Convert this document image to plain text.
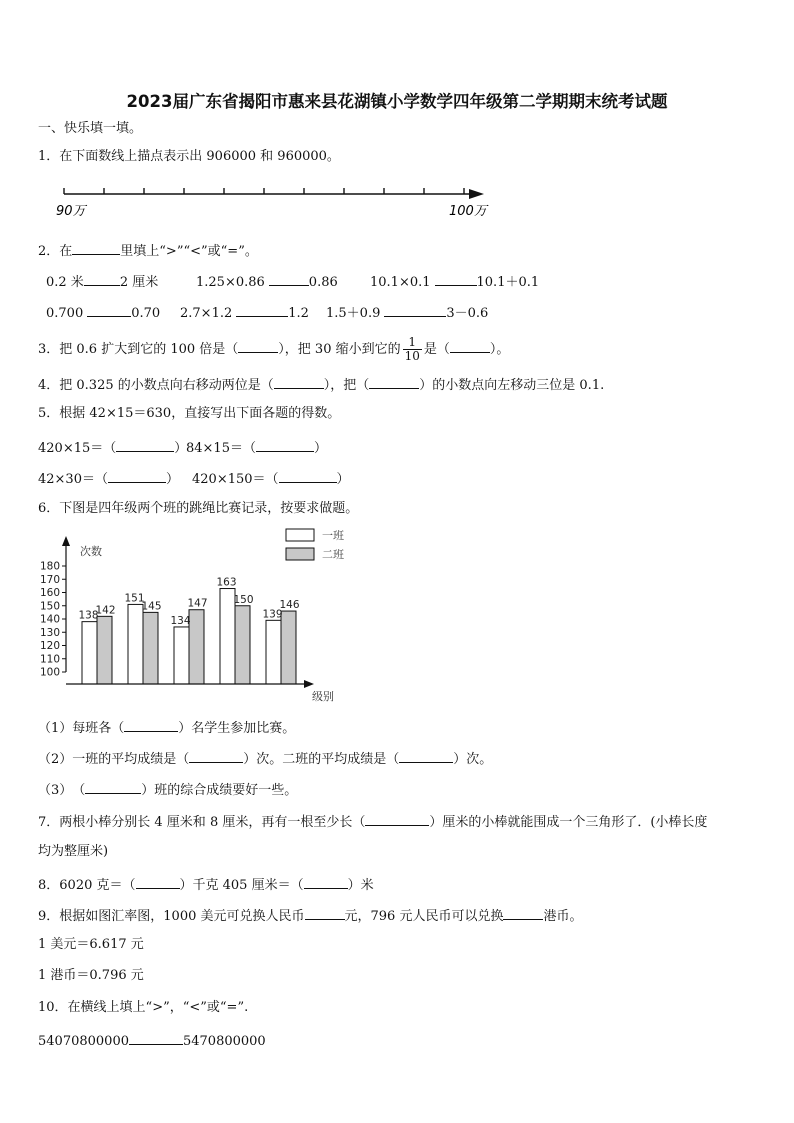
2023届广东省揭阳市惠来县花湖镇小学数学四年级第二学期期末统考试题
一、快乐填一填。
1．在下面数线上描点表示出 906000 和 960000。
90万	100万
2．在	里填上“>”“<”或“=”。
0.2 米	2 厘米	1.25×0.86	0.86 10.1×0.1	10.1＋0.1
0.700	0.70 2.7×1.2	1.2 1.5＋0.9	3－0.6
3．把 0.6 扩大到它的 100 倍是（	），把 30 缩小到它的 $\frac{1}{10}$ 是（	）。
4．把 0.325 的小数点向右移动两位是（	），把（	）的小数点向左移动三位是 0.1.
5．根据 42×15＝630，直接写出下面各题的得数。
420×15＝（	）
84×15＝（	）
42×30＝（	） 420×150＝（	）
6．下图是四年级两个班的跳绳比赛记录，按要求做题。
100
110
120
130
140
150
160
170
180
138
142
151
145
134
147
163
150
139
146
次数
级别
一班
二班
（1）每班各（	）名学生参加比赛。
（2）一班的平均成绩是（	）次。二班的平均成绩是（	）次。
（3）　（	）班的综合成绩要好一些。
7．两根小棒分别长 4 厘米和 8 厘米，再有一根至少长（	）厘米的小棒就能围成一个三角形了．(小棒长度
均为整厘米)
8．6020 克＝（	）千克 405 厘米＝（	）米
9．根据如图汇率图，1000 美元可兑换人民币	元，796 元人民币可以兑换	港币。
1 美元＝6.617 元
1 港币＝0.796 元
10．在横线上填上“>”，“<”或“=”.
54070800000	5470800000
